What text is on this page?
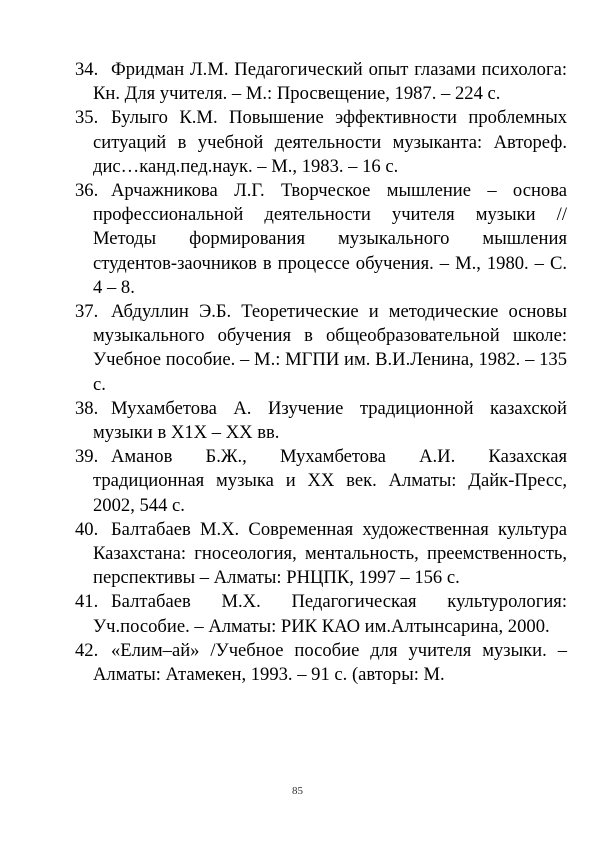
34. Фридман Л.М. Педагогический опыт глазами психолога: Кн. Для учителя. – М.: Просвещение, 1987. – 224 с.

35. Булыго К.М. Повышение эффективности проблемных ситуаций в учебной деятельности музыканта: Автореф. дис…канд.пед.наук. – М., 1983. – 16 с.

36. Арчажникова Л.Г. Творческое мышление – основа профессиональной деятельности учителя музыки // Методы формирования музыкального мышления студентов-заочников в процессе обучения. – М., 1980. – С. 4 – 8.

37. Абдуллин Э.Б. Теоретические и методические основы музыкального обучения в общеобразовательной школе: Учебное пособие. – М.: МГПИ им. В.И.Ленина, 1982. – 135 с.

38. Мухамбетова А. Изучение традиционной казахской музыки в Х1Х – ХХ вв.

39. Аманов Б.Ж., Мухамбетова А.И. Казахская традиционная музыка и ХХ век. Алматы: Дайк-Пресс, 2002, 544 с.

40. Балтабаев М.Х. Современная художественная культура Казахстана: гносеология, ментальность, преемственность, перспективы – Алматы: РНЦПК, 1997 – 156 с.

41. Балтабаев М.Х. Педагогическая культурология: Уч.пособие. – Алматы: РИК КАО им.Алтынсарина, 2000.

42. «Елим–ай» /Учебное пособие для учителя музыки. – Алматы: Атамекен, 1993. – 91 с. (авторы: М.

85
